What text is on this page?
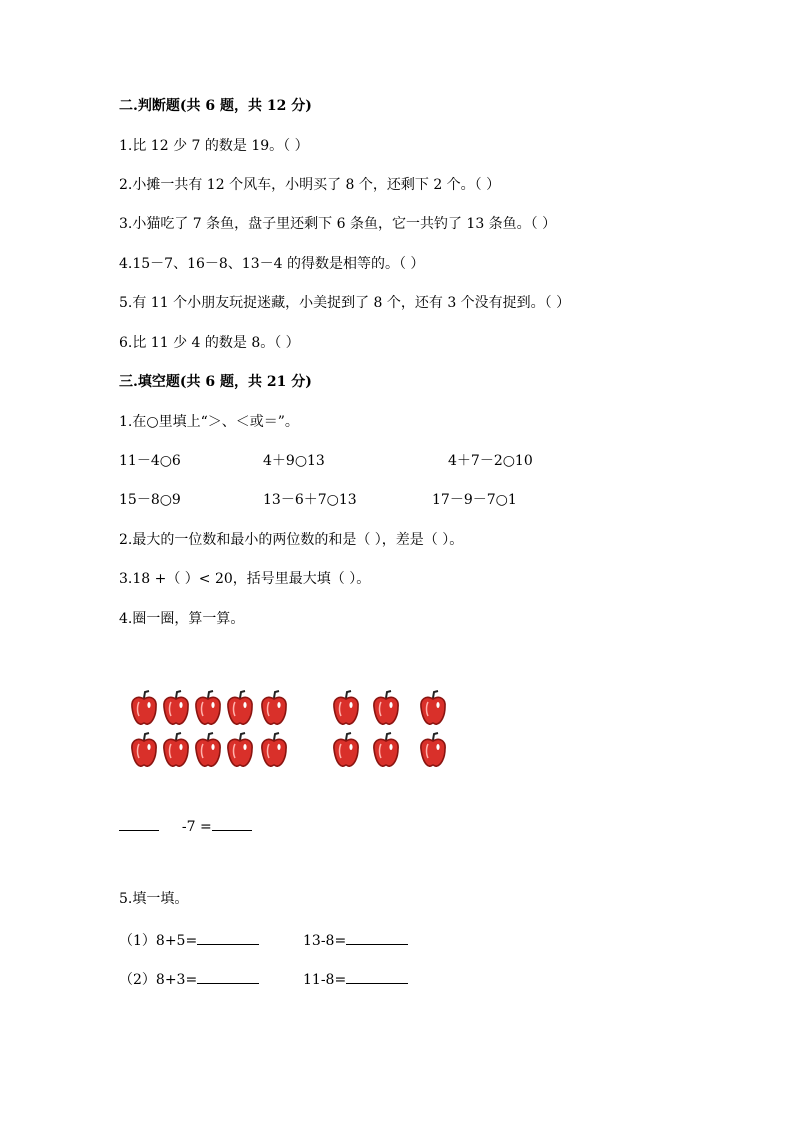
二.判断题(共 6 题，共 12 分)
1.比 12 少 7 的数是 19。（ ）
2.小摊一共有 12 个风车，小明买了 8 个，还剩下 2 个。（ ）
3.小猫吃了 7 条鱼，盘子里还剩下 6 条鱼，它一共钓了 13 条鱼。（ ）
4.15－7、16－8、13－4 的得数是相等的。（ ）
5.有 11 个小朋友玩捉迷藏，小美捉到了 8 个，还有 3 个没有捉到。（ ）
6.比 11 少 4 的数是 8。（ ）
三.填空题(共 6 题，共 21 分)
1.在○里填上“＞、＜或＝”。
11－4○6	4＋9○13	4＋7－2○10
15－8○9	13－6＋7○13	17－9－7○1
2.最大的一位数和最小的两位数的和是（ ），差是（ ）。
3.18 +（ ）< 20，括号里最大填（ ）。
4.圈一圈，算一算。
-7 =
5.填一填。
（1）8+5=	13-8=
（2）8+3=	11-8=
